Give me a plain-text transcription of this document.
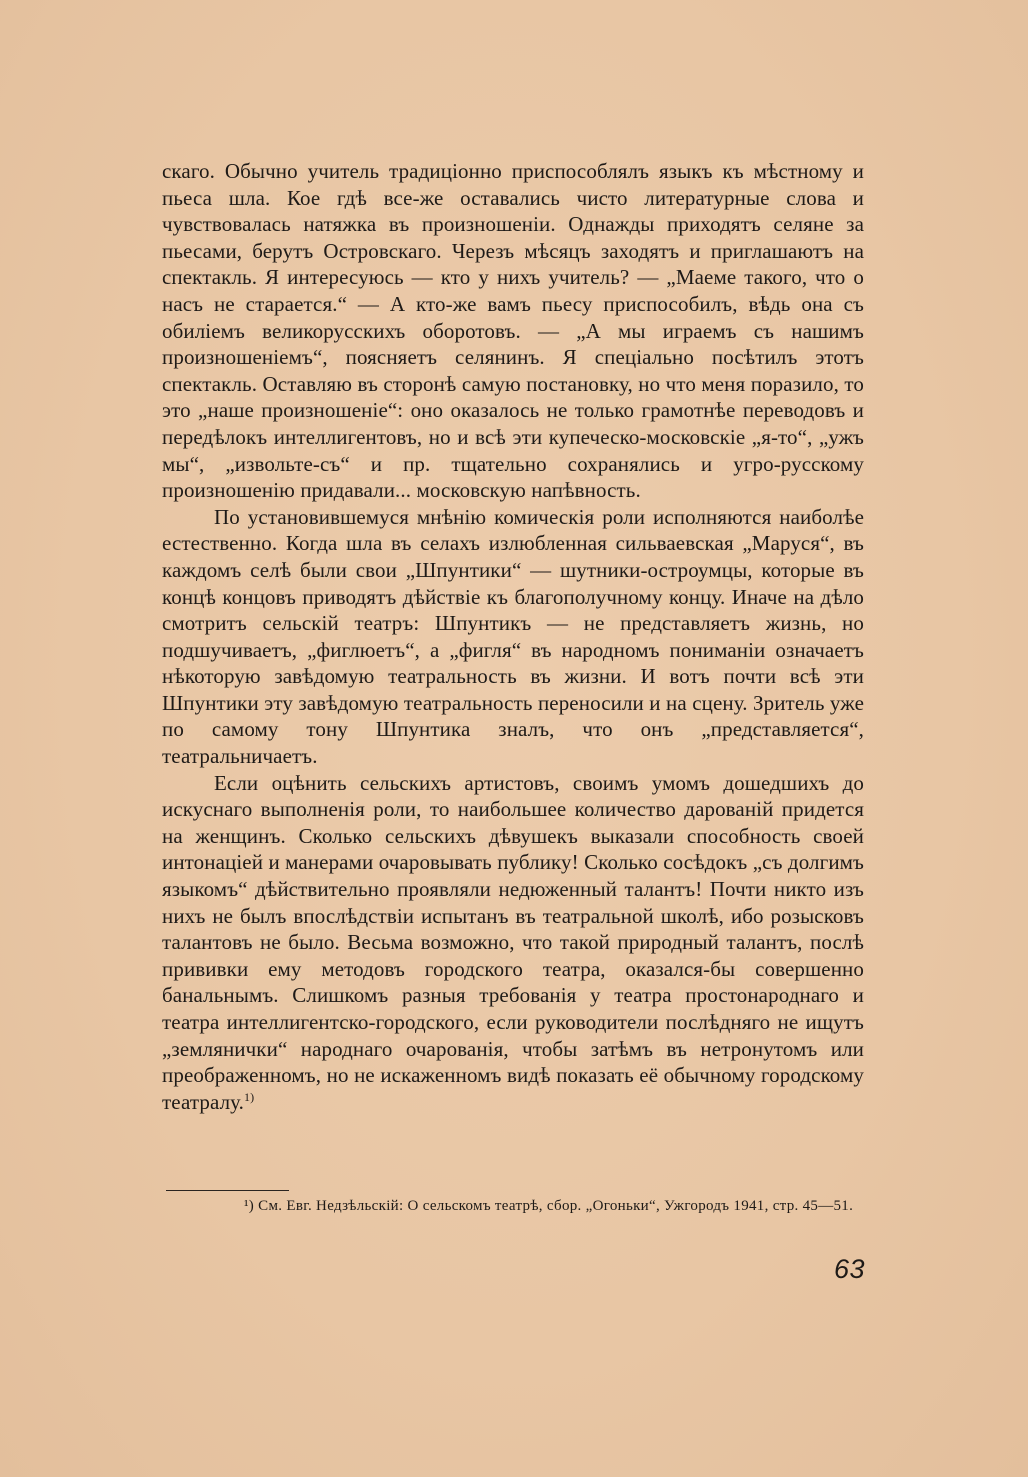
скаго. Обычно учитель традиціонно приспособлялъ языкъ къ мѣстному и пьеса шла. Кое гдѣ все-же оставались чисто литературные слова и чувствовалась натяжка въ произношеніи. Однажды приходятъ селяне за пьесами, берутъ Островскаго. Черезъ мѣсяцъ заходятъ и приглашаютъ на спектакль. Я интересуюсь — кто у нихъ учитель? — „Маеме такого, что о насъ не старается.“ — А кто-же вамъ пьесу приспособилъ, вѣдь она съ обиліемъ великорусскихъ оборотовъ. — „А мы играемъ съ нашимъ произношеніемъ“, поясняетъ селянинъ. Я спеціально посѣтилъ этотъ спектакль. Оставляю въ сторонѣ самую постановку, но что меня поразило, то это „наше произношеніе“: оно оказалось не только грамотнѣе переводовъ и передѣлокъ интеллигентовъ, но и всѣ эти купеческо-московскіе „я-то“, „ужъ мы“, „извольте-съ“ и пр. тщательно сохранялись и угро-русскому произношенію придавали... московскую напѣвность.

По установившемуся мнѣнію комическія роли исполняются наиболѣе естественно. Когда шла въ селахъ излюбленная сильваевская „Маруся“, въ каждомъ селѣ были свои „Шпунтики“ — шутники-остроумцы, которые въ концѣ концовъ приводятъ дѣйствіе къ благополучному концу. Иначе на дѣло смотритъ сельскій театръ: Шпунтикъ — не представляетъ жизнь, но подшучиваетъ, „фиглюетъ“, а „фигля“ въ народномъ пониманіи означаетъ нѣкоторую завѣдомую театральность въ жизни. И вотъ почти всѣ эти Шпунтики эту завѣдомую театральность переносили и на сцену. Зритель уже по самому тону Шпунтика зналъ, что онъ „представляется“, театральничаетъ.

Если оцѣнить сельскихъ артистовъ, своимъ умомъ дошедшихъ до искуснаго выполненія роли, то наибольшее количество дарованій придется на женщинъ. Сколько сельскихъ дѣвушекъ выказали способность своей интонаціей и манерами очаровывать публику! Сколько сосѣдокъ „съ долгимъ языкомъ“ дѣйствительно проявляли недюженный талантъ! Почти никто изъ нихъ не былъ впослѣдствіи испытанъ въ театральной школѣ, ибо розысковъ талантовъ не было. Весьма возможно, что такой природный талантъ, послѣ прививки ему методовъ городского театра, оказался-бы совершенно банальнымъ. Слишкомъ разныя требованія у театра простонароднаго и театра интеллигентско-городского, если руководители послѣдняго не ищутъ „землянички“ народнаго очарованія, чтобы затѣмъ въ нетронутомъ или преображенномъ, но не искаженномъ видѣ показать её обычному городскому театралу.$^{1)}$

¹) См. Евг. Недзѣльскій: О сельскомъ театрѣ, сбор. „Огоньки“, Ужгородъ 1941, стр. 45—51.
63
